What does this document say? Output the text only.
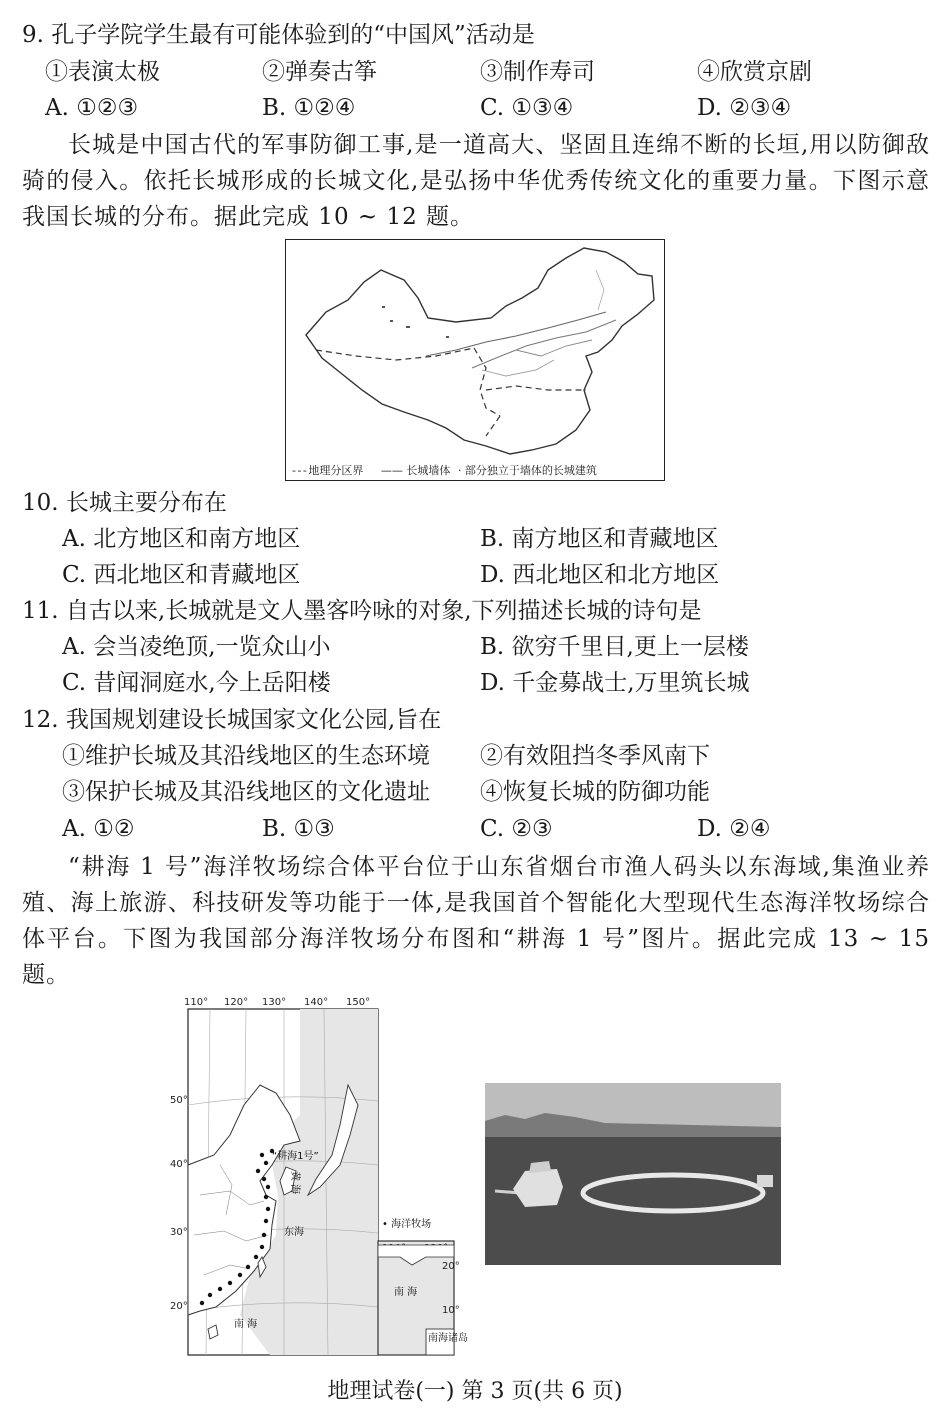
9. 孔子学院学生最有可能体验到的“中国风”活动是
①表演太极	②弹奏古筝	③制作寿司	④欣赏京剧
A. ①②③	B. ①②④	C. ①③④	D. ②③④
长城是中国古代的军事防御工事,是一道高大、坚固且连绵不断的长垣,用以防御敌骑的侵入。依托长城形成的长城文化,是弘扬中华优秀传统文化的重要力量。下图示意我国长城的分布。据此完成 10 ~ 12 题。
- - - 地理分区界 —— 长城墙体 · 部分独立于墙体的长城建筑
10. 长城主要分布在
A. 北方地区和南方地区	B. 南方地区和青藏地区
C. 西北地区和青藏地区	D. 西北地区和北方地区
11. 自古以来,长城就是文人墨客吟咏的对象,下列描述长城的诗句是
A. 会当凌绝顶,一览众山小	B. 欲穷千里目,更上一层楼
C. 昔闻洞庭水,今上岳阳楼	D. 千金募战士,万里筑长城
12. 我国规划建设长城国家文化公园,旨在
①维护长城及其沿线地区的生态环境 ②有效阻挡冬季风南下
③保护长城及其沿线地区的文化遗址 ④恢复长城的防御功能
A. ①②	B. ①③	C. ②③	D. ②④
“耕海 1 号”海洋牧场综合体平台位于山东省烟台市渔人码头以东海域,集渔业养殖、海上旅游、科技研发等功能于一体,是我国首个智能化大型现代生态海洋牧场综合体平台。下图为我国部分海洋牧场分布图和“耕海 1 号”图片。据此完成 13 ~ 15 题。
110° 120° 130° 140° 150°
50°
40°
30°
20°
“耕海1号”
黄 海
东海
南 海
• 海洋牧场
20°
10°
南 海
南海诸岛
地理试卷(一) 第 3 页(共 6 页)
